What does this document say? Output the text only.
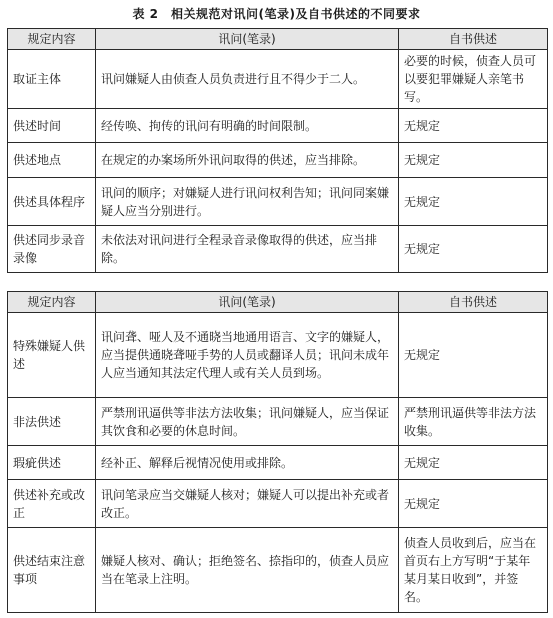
表 2　相关规范对讯问(笔录)及自书供述的不同要求
规定内容	讯问(笔录)	自书供述
取证主体	讯问嫌疑人由侦查人员负责进行且不得少于二人。	必要的时候，侦查人员可以要犯罪嫌疑人亲笔书写。
供述时间	经传唤、拘传的讯问有明确的时间限制。	无规定
供述地点	在规定的办案场所外讯问取得的供述，应当排除。	无规定
供述具体程序	讯问的顺序；对嫌疑人进行讯问权利告知；讯问同案嫌疑人应当分别进行。	无规定
供述同步录音录像	未依法对讯问进行全程录音录像取得的供述，应当排除。	无规定
规定内容	讯问(笔录)	自书供述
特殊嫌疑人供述	讯问聋、哑人及不通晓当地通用语言、文字的嫌疑人，应当提供通晓聋哑手势的人员或翻译人员；讯问未成年人应当通知其法定代理人或有关人员到场。	无规定
非法供述	严禁刑讯逼供等非法方法收集；讯问嫌疑人，应当保证其饮食和必要的休息时间。	严禁刑讯逼供等非法方法收集。
瑕疵供述	经补正、解释后视情况使用或排除。	无规定
供述补充或改正	讯问笔录应当交嫌疑人核对；嫌疑人可以提出补充或者改正。	无规定
供述结束注意事项	嫌疑人核对、确认；拒绝签名、捺指印的，侦查人员应当在笔录上注明。	侦查人员收到后，应当在首页右上方写明“于某年某月某日收到”，并签名。
